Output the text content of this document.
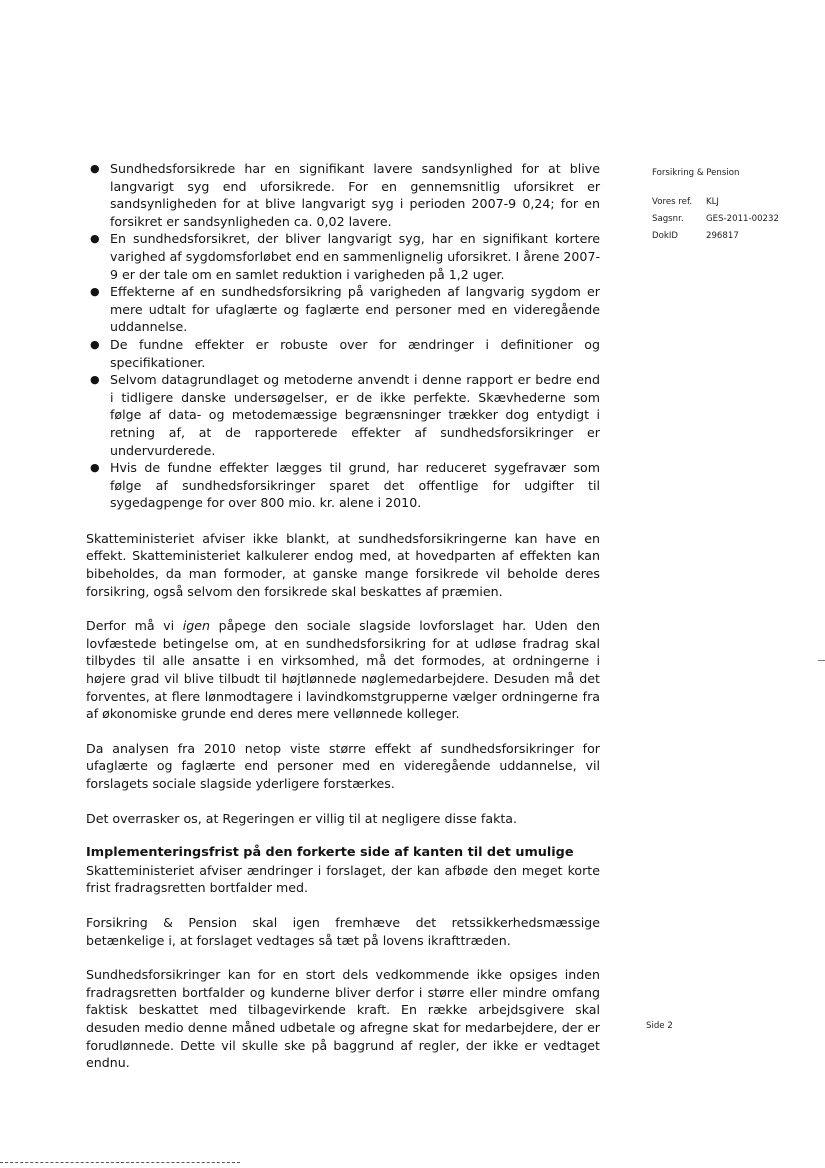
Forsikring & Pension
Vores ref.	KLJ
Sagsnr.	GES-2011-00232
DokID	296817
● Sundhedsforsikrede har en signifikant lavere sandsynlighed for at blive langvarigt syg end uforsikrede. For en gennemsnitlig uforsikret er sandsynligheden for at blive langvarigt syg i perioden 2007-9 0,24; for en forsikret er sandsynligheden ca. 0,02 lavere.
● En sundhedsforsikret, der bliver langvarigt syg, har en signifikant kortere varighed af sygdomsforløbet end en sammenlignelig uforsikret. I årene 2007-9 er der tale om en samlet reduktion i varigheden på 1,2 uger.
● Effekterne af en sundhedsforsikring på varigheden af langvarig sygdom er mere udtalt for ufaglærte og faglærte end personer med en videregående uddannelse.
● De fundne effekter er robuste over for ændringer i definitioner og specifikationer.
● Selvom datagrundlaget og metoderne anvendt i denne rapport er bedre end i tidligere danske undersøgelser, er de ikke perfekte. Skævhederne som følge af data- og metodemæssige begrænsninger trækker dog entydigt i retning af, at de rapporterede effekter af sundhedsforsikringer er undervurderede.
● Hvis de fundne effekter lægges til grund, har reduceret sygefravær som følge af sundhedsforsikringer sparet det offentlige for udgifter til sygedagpenge for over 800 mio. kr. alene i 2010.

Skatteministeriet afviser ikke blankt, at sundhedsforsikringerne kan have en effekt. Skatteministeriet kalkulerer endog med, at hovedparten af effekten kan bibeholdes, da man formoder, at ganske mange forsikrede vil beholde deres forsikring, også selvom den forsikrede skal beskattes af præmien.

Derfor må vi igen påpege den sociale slagside lovforslaget har. Uden den lovfæstede betingelse om, at en sundhedsforsikring for at udløse fradrag skal tilbydes til alle ansatte i en virksomhed, må det formodes, at ordningerne i højere grad vil blive tilbudt til højtlønnede nøglemedarbejdere. Desuden må det forventes, at flere lønmodtagere i lavindkomstgrupperne vælger ordningerne fra af økonomiske grunde end deres mere vellønnede kolleger.

Da analysen fra 2010 netop viste større effekt af sundhedsforsikringer for ufaglærte og faglærte end personer med en videregående uddannelse, vil forslagets sociale slagside yderligere forstærkes.

Det overrasker os, at Regeringen er villig til at negligere disse fakta.

Implementeringsfrist på den forkerte side af kanten til det umulige

Skatteministeriet afviser ændringer i forslaget, der kan afbøde den meget korte frist fradragsretten bortfalder med.

Forsikring & Pension skal igen fremhæve det retssikkerhedsmæssige betænkelige i, at forslaget vedtages så tæt på lovens ikrafttræden.

Sundhedsforsikringer kan for en stort dels vedkommende ikke opsiges inden fradragsretten bortfalder og kunderne bliver derfor i større eller mindre omfang faktisk beskattet med tilbagevirkende kraft. En række arbejdsgivere skal desuden medio denne måned udbetale og afregne skat for medarbejdere, der er forudlønnede. Dette vil skulle ske på baggrund af regler, der ikke er vedtaget endnu.

Side 2
